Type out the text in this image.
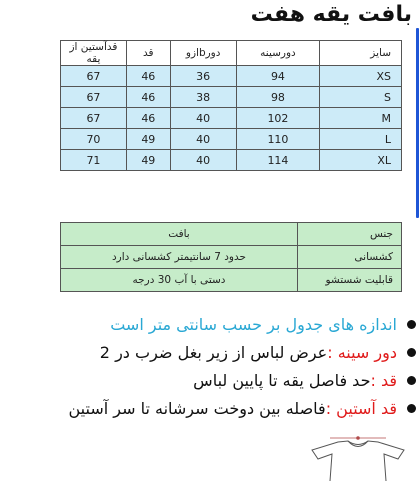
بافت یقه هفت
سایز	دورسینه	دورbازو	قد	قدآستین از یقه
XS	94	36	46	67
S	98	38	46	67
M	102	40	46	67
L	110	40	49	70
XL	114	40	49	71
جنس	بافت
کشسانی	حدود 7 سانتیمتر کشسانی دارد
قابلیت شستشو	دستی با آب 30 درجه
اندازه های جدول بر حسب سانتی متر است
دور سینه :
عرض لباس از زیر بغل ضرب در 2
قد :
حد فاصل یقه تا پایین لباس
قد آستین :
فاصله بین دوخت سرشانه تا سر آستین
